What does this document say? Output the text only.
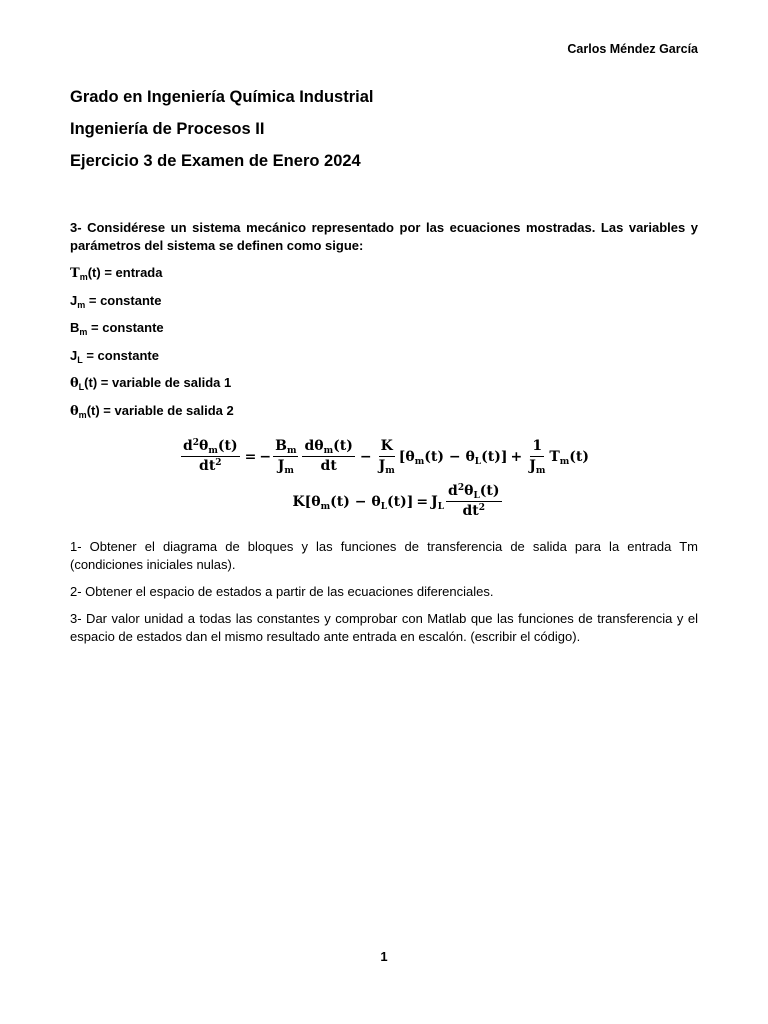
Carlos Méndez García
Grado en Ingeniería Química Industrial
Ingeniería de Procesos II
Ejercicio 3 de Examen de Enero 2024
3- Considérese un sistema mecánico representado por las ecuaciones mostradas. Las variables y parámetros del sistema se definen como sigue:
$T_m(t)$ = entrada
$J_m$ = constante
$B_m$ = constante
$J_L$ = constante
$\theta_L(t)$ = variable de salida 1
$\theta_m(t)$ = variable de salida 2
$\frac{d^2\theta_m(t)}{dt^2}$ = − $\frac{B_m}{J_m} \frac{d\theta_m(t)}{dt} - \frac{K}{J_m} [\theta_m(t) - \theta_L(t)] + \frac{1}{J_m} T_m(t)$
$K[\theta_m(t) - \theta_L(t)] = J_L \frac{d^2\theta_L(t)}{dt^2}$

1- Obtener el diagrama de bloques y las funciones de transferencia de salida para la entrada Tm (condiciones iniciales nulas).

2- Obtener el espacio de estados a partir de las ecuaciones diferenciales.

3- Dar valor unidad a todas las constantes y comprobar con Matlab que las funciones de transferencia y el espacio de estados dan el mismo resultado ante entrada en escalón. (escribir el código).

1
